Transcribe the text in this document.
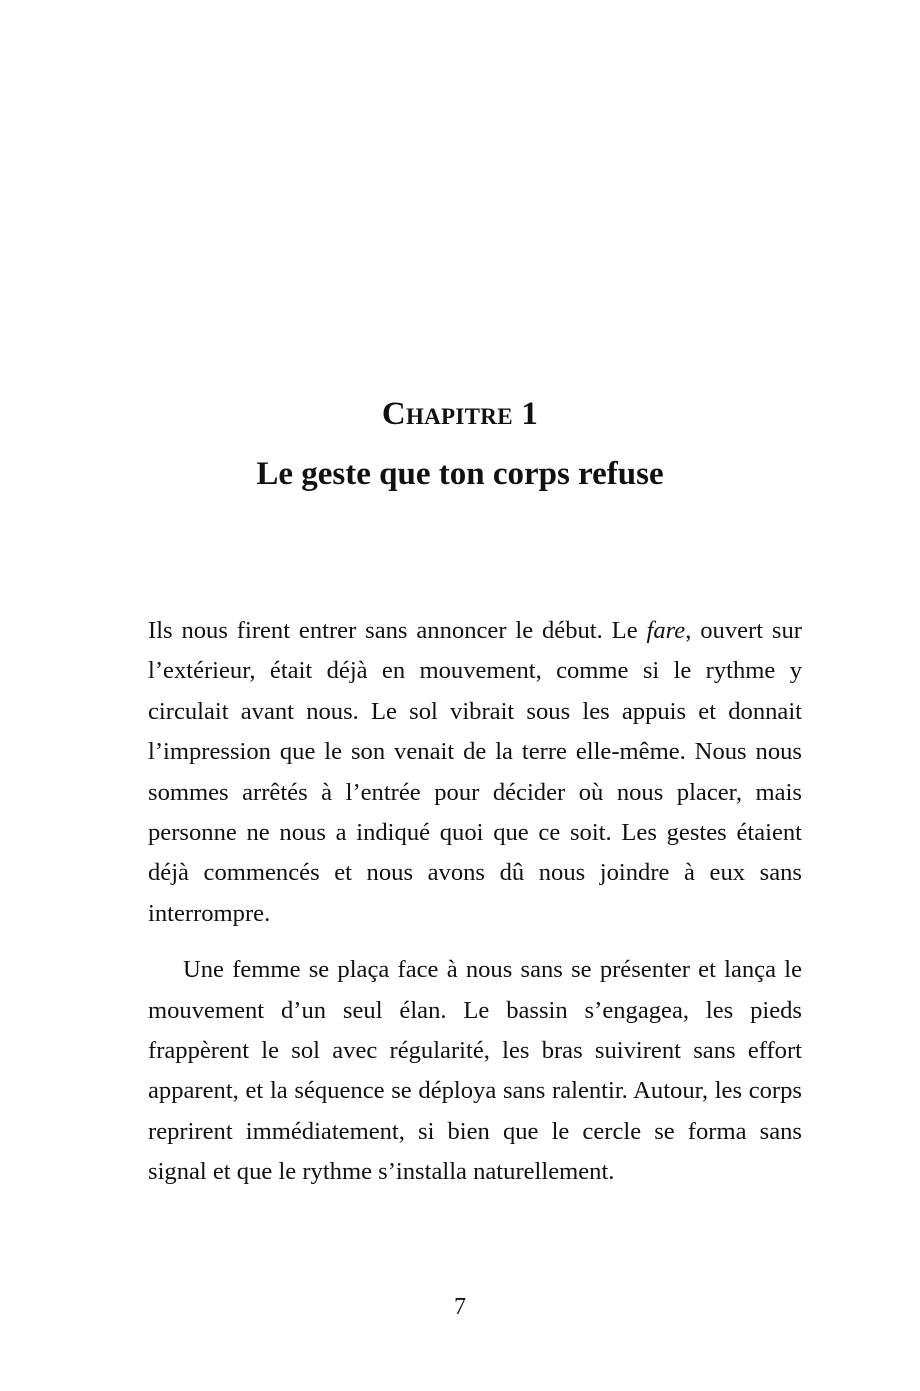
Chapitre 1

Le geste que ton corps refuse

Ils nous firent entrer sans annoncer le début. Le fare, ouvert sur l’extérieur, était déjà en mouvement, comme si le rythme y circulait avant nous. Le sol vibrait sous les appuis et donnait l’impression que le son venait de la terre elle-même. Nous nous sommes arrêtés à l’entrée pour décider où nous placer, mais personne ne nous a indiqué quoi que ce soit. Les gestes étaient déjà commencés et nous avons dû nous joindre à eux sans interrompre.

Une femme se plaça face à nous sans se présenter et lança le mouvement d’un seul élan. Le bassin s’engagea, les pieds frappèrent le sol avec régularité, les bras suivirent sans effort apparent, et la séquence se déploya sans ralentir. Autour, les corps reprirent immédiatement, si bien que le cercle se forma sans signal et que le rythme s’installa naturellement.

7
